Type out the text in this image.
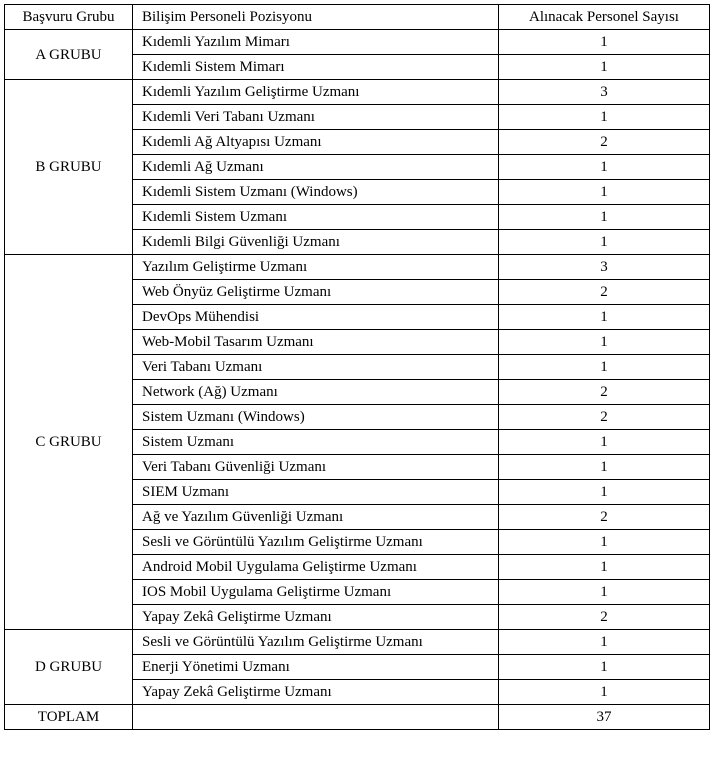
Başvuru Grubu	Bilişim Personeli Pozisyonu	Alınacak Personel Sayısı
A GRUBU	Kıdemli Yazılım Mimarı	1
	Kıdemli Sistem Mimarı	1
B GRUBU	Kıdemli Yazılım Geliştirme Uzmanı	3
	Kıdemli Veri Tabanı Uzmanı	1
	Kıdemli Ağ Altyapısı Uzmanı	2
	Kıdemli Ağ Uzmanı	1
	Kıdemli Sistem Uzmanı (Windows)	1
	Kıdemli Sistem Uzmanı	1
	Kıdemli Bilgi Güvenliği Uzmanı	1
C GRUBU	Yazılım Geliştirme Uzmanı	3
	Web Önyüz Geliştirme Uzmanı	2
	DevOps Mühendisi	1
	Web-Mobil Tasarım Uzmanı	1
	Veri Tabanı Uzmanı	1
	Network (Ağ) Uzmanı	2
	Sistem Uzmanı (Windows)	2
	Sistem Uzmanı	1
	Veri Tabanı Güvenliği Uzmanı	1
	SIEM Uzmanı	1
	Ağ ve Yazılım Güvenliği Uzmanı	2
	Sesli ve Görüntülü Yazılım Geliştirme Uzmanı	1
	Android Mobil Uygulama Geliştirme Uzmanı	1
	IOS Mobil Uygulama Geliştirme Uzmanı	1
	Yapay Zekâ Geliştirme Uzmanı	2
D GRUBU	Sesli ve Görüntülü Yazılım Geliştirme Uzmanı	1
	Enerji Yönetimi Uzmanı	1
	Yapay Zekâ Geliştirme Uzmanı	1
TOPLAM		37
